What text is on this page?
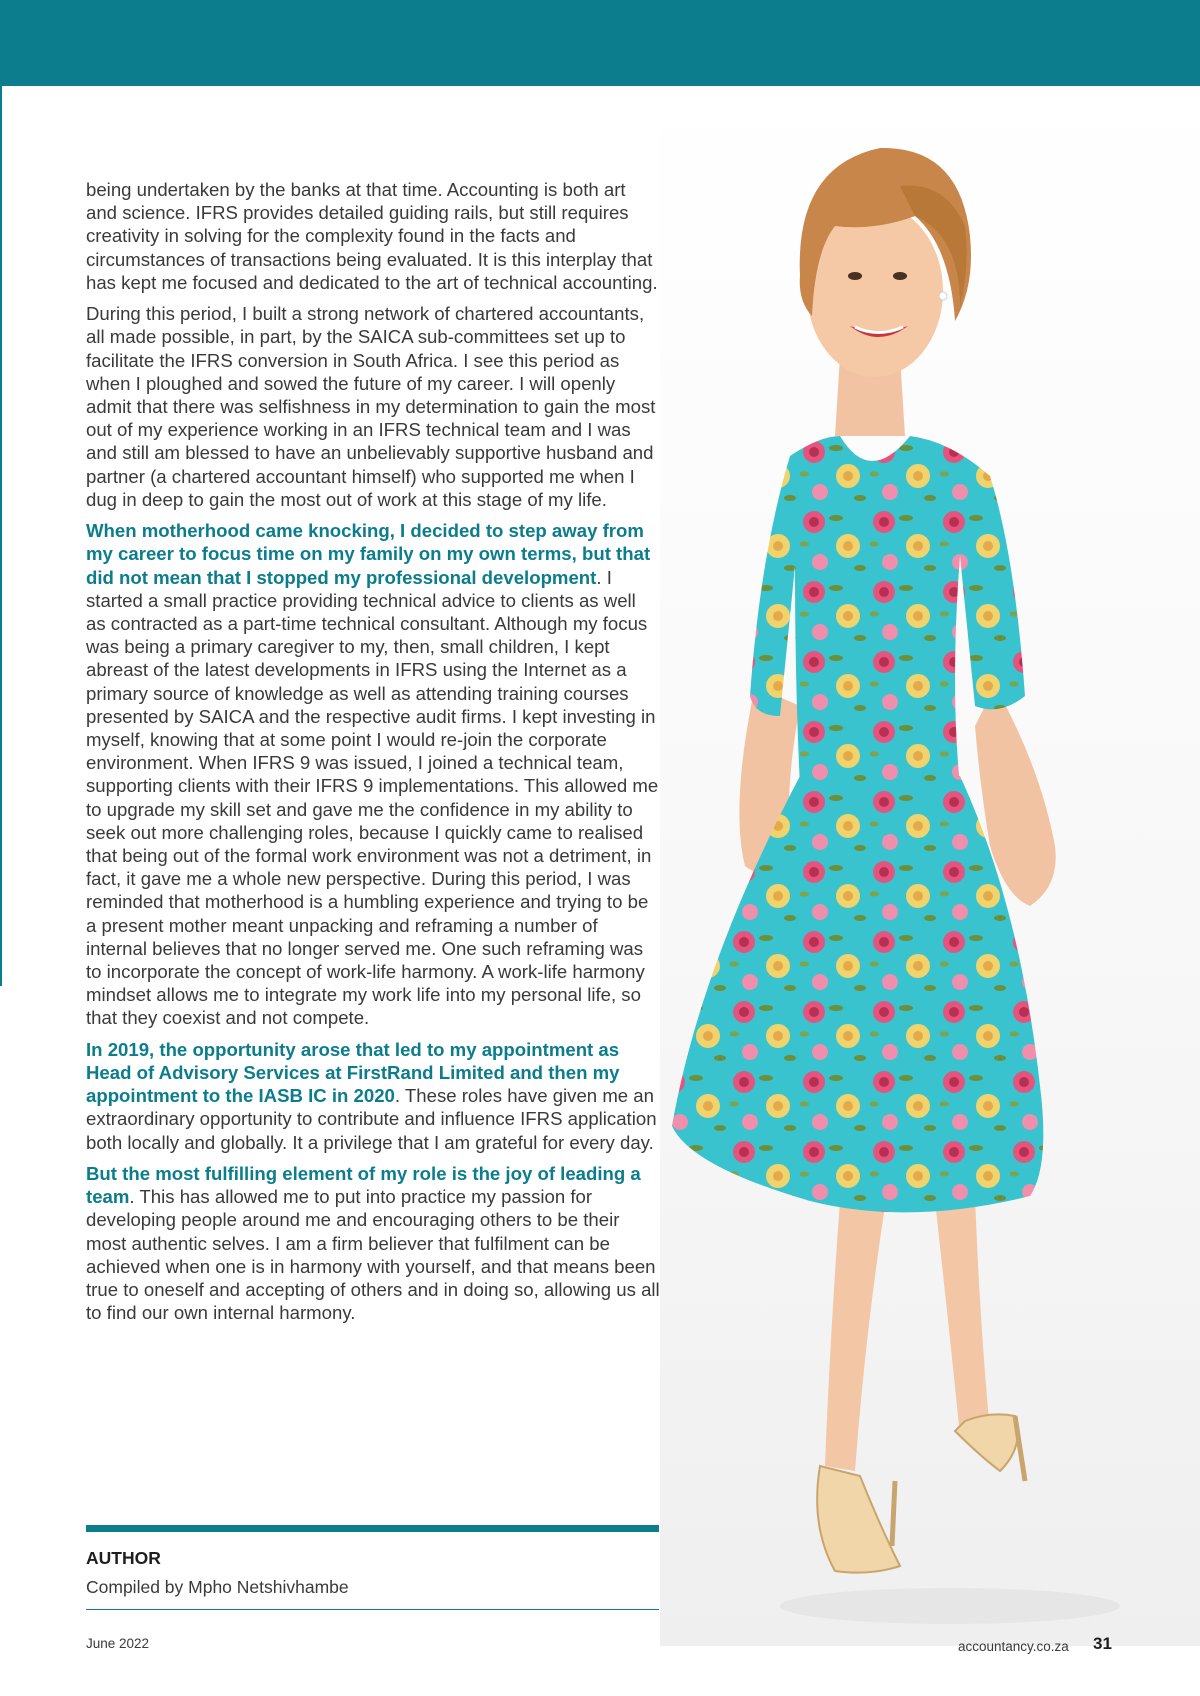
being undertaken by the banks at that time. Accounting is both art and science. IFRS provides detailed guiding rails, but still requires creativity in solving for the complexity found in the facts and circumstances of transactions being evaluated. It is this interplay that has kept me focused and dedicated to the art of technical accounting.

During this period, I built a strong network of chartered accountants, all made possible, in part, by the SAICA sub-committees set up to facilitate the IFRS conversion in South Africa. I see this period as when I ploughed and sowed the future of my career. I will openly admit that there was selfishness in my determination to gain the most out of my experience working in an IFRS technical team and I was and still am blessed to have an unbelievably supportive husband and partner (a chartered accountant himself) who supported me when I dug in deep to gain the most out of work at this stage of my life.

When motherhood came knocking, I decided to step away from my career to focus time on my family on my own terms, but that did not mean that I stopped my professional development. I started a small practice providing technical advice to clients as well as contracted as a part-time technical consultant. Although my focus was being a primary caregiver to my, then, small children, I kept abreast of the latest developments in IFRS using the Internet as a primary source of knowledge as well as attending training courses presented by SAICA and the respective audit firms. I kept investing in myself, knowing that at some point I would re-join the corporate environment. When IFRS 9 was issued, I joined a technical team, supporting clients with their IFRS 9 implementations. This allowed me to upgrade my skill set and gave me the confidence in my ability to seek out more challenging roles, because I quickly came to realised that being out of the formal work environment was not a detriment, in fact, it gave me a whole new perspective. During this period, I was reminded that motherhood is a humbling experience and trying to be a present mother meant unpacking and reframing a number of internal believes that no longer served me. One such reframing was to incorporate the concept of work-life harmony. A work-life harmony mindset allows me to integrate my work life into my personal life, so that they coexist and not compete.

In 2019, the opportunity arose that led to my appointment as Head of Advisory Services at FirstRand Limited and then my appointment to the IASB IC in 2020. These roles have given me an extraordinary opportunity to contribute and influence IFRS application both locally and globally. It a privilege that I am grateful for every day.

But the most fulfilling element of my role is the joy of leading a team. This has allowed me to put into practice my passion for developing people around me and encouraging others to be their most authentic selves. I am a firm believer that fulfilment can be achieved when one is in harmony with yourself, and that means been true to oneself and accepting of others and in doing so, allowing us all to find our own internal harmony.

AUTHOR
Compiled by Mpho Netshivhambe
June 2022	accountancy.co.za 31
